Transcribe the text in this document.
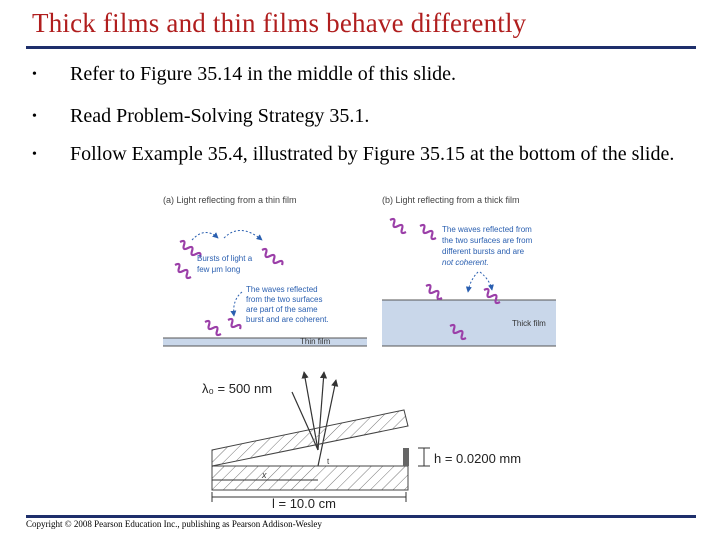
Thick films and thin films behave differently
• Refer to Figure 35.14 in the middle of this slide.
• Read Problem-Solving Strategy 35.1.
• Follow Example 35.4, illustrated by Figure 35.15 at the bottom of the slide.
(a) Light reflecting from a thin film
Thin film
Bursts of light a few μm long
The waves reflected from the two surfaces are part of the same burst and are coherent.
(b) Light reflecting from a thick film
Thick film
The waves reflected from the two surfaces are from different bursts and are not coherent.
λ₀ = 500 nm
t	h = 0.0200 mm
x
l = 10.0 cm
Copyright © 2008 Pearson Education Inc., publishing as Pearson Addison-Wesley
